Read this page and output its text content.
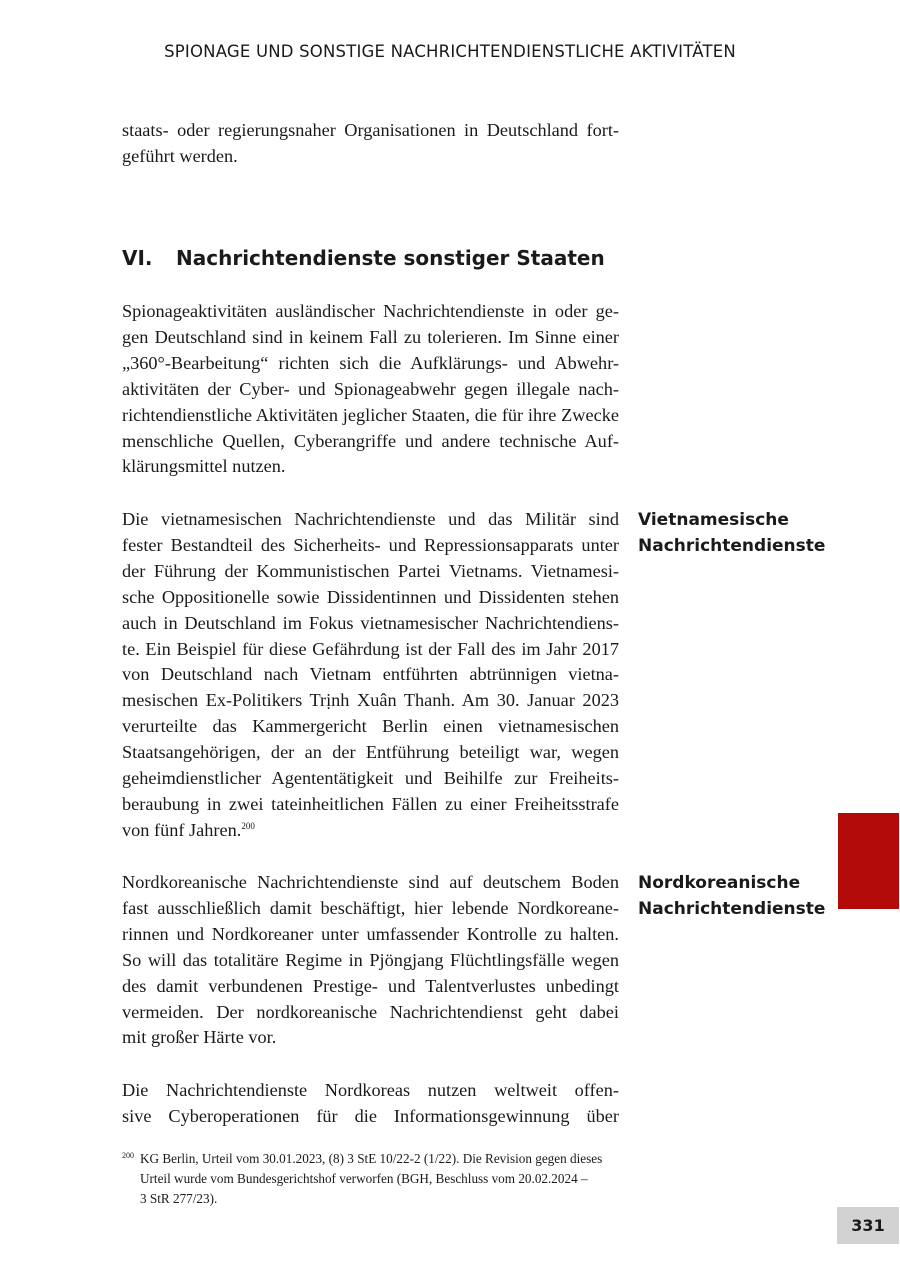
SPIONAGE UND SONSTIGE NACHRICHTENDIENSTLICHE AKTIVITÄTEN

staats- oder regierungsnaher Organisationen in Deutschland fort-
geführt werden.

VI. Nachrichtendienste sonstiger Staaten

Spionageaktivitäten ausländischer Nachrichtendienste in oder ge-
gen Deutschland sind in keinem Fall zu tolerieren. Im Sinne einer
„360°-Bearbeitung“ richten sich die Aufklärungs- und Abwehr-
aktivitäten der Cyber- und Spionageabwehr gegen illegale nach-
richtendienstliche Aktivitäten jeglicher Staaten, die für ihre Zwecke
menschliche Quellen, Cyberangriffe und andere technische Auf-
klärungsmittel nutzen.

Vietnamesische
Nachrichtendienste

Die vietnamesischen Nachrichtendienste und das Militär sind
fester Bestandteil des Sicherheits- und Repressionsapparats unter
der Führung der Kommunistischen Partei Vietnams. Vietnamesi-
sche Oppositionelle sowie Dissidentinnen und Dissidenten stehen
auch in Deutschland im Fokus vietnamesischer Nachrichtendiens-
te. Ein Beispiel für diese Gefährdung ist der Fall des im Jahr 2017
von Deutschland nach Vietnam entführten abtrünnigen vietna-
mesischen Ex-Politikers Trịnh Xuân Thanh. Am 30. Januar 2023
verurteilte das Kammergericht Berlin einen vietnamesischen
Staatsangehörigen, der an der Entführung beteiligt war, wegen
geheimdienstlicher Agententätigkeit und Beihilfe zur Freiheits-
beraubung in zwei tateinheitlichen Fällen zu einer Freiheitsstrafe
von fünf Jahren.$^{200}$

Nordkoreanische
Nachrichtendienste

Nordkoreanische Nachrichtendienste sind auf deutschem Boden
fast ausschließlich damit beschäftigt, hier lebende Nordkoreane-
rinnen und Nordkoreaner unter umfassender Kontrolle zu halten.
So will das totalitäre Regime in Pjöngjang Flüchtlingsfälle wegen
des damit verbundenen Prestige- und Talentverlustes unbedingt
vermeiden. Der nordkoreanische Nachrichtendienst geht dabei
mit großer Härte vor.

Die Nachrichtendienste Nordkoreas nutzen weltweit offen-
sive Cyberoperationen für die Informationsgewinnung über

200 KG Berlin, Urteil vom 30.01.2023, (8) 3 StE 10/22-2 (1/22). Die Revision gegen dieses
Urteil wurde vom Bundesgerichtshof verworfen (BGH, Beschluss vom 20.02.2024 –
3 StR 277/23).
331
